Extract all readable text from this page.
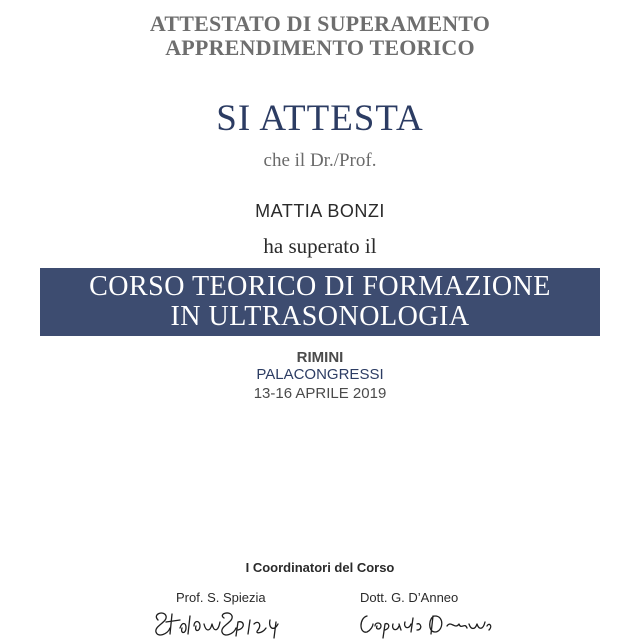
ATTESTATO DI SUPERAMENTO
APPRENDIMENTO TEORICO
SI ATTESTA
che il Dr./Prof.
MATTIA BONZI
ha superato il
CORSO TEORICO DI FORMAZIONE
IN ULTRASONOLOGIA
RIMINI
PALACONGRESSI
13-16 APRILE 2019
I Coordinatori del Corso
Prof. S. Spiezia	Dott. G. D’Anneo
